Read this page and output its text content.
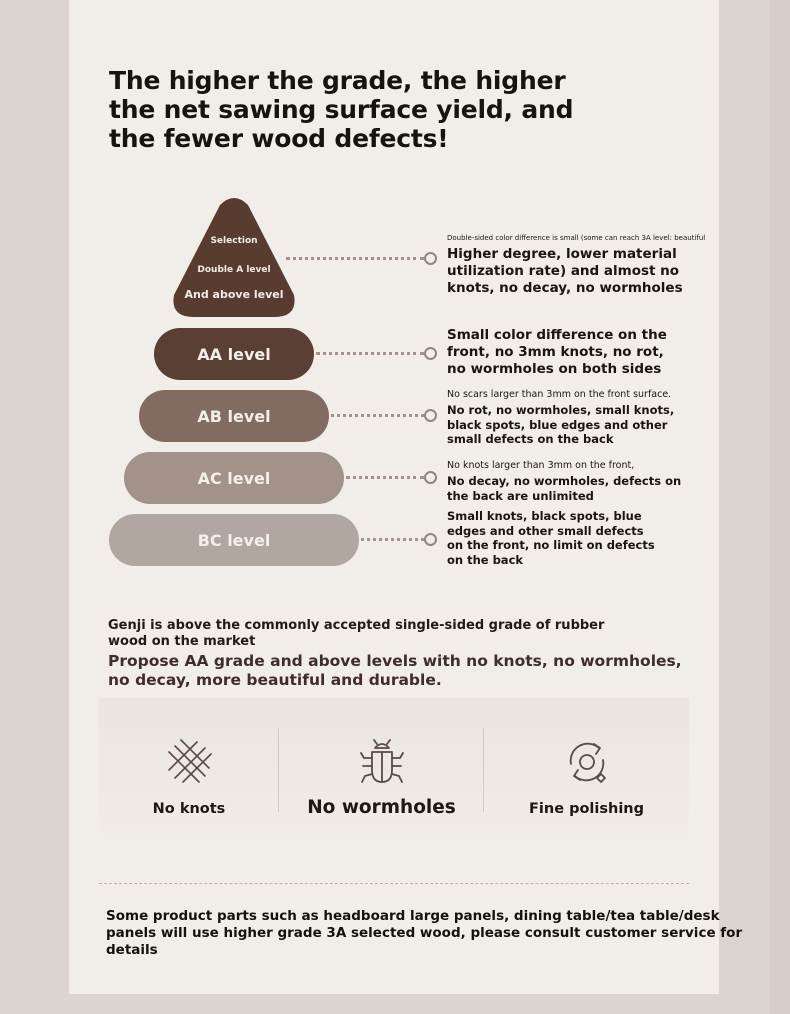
The higher the grade, the higher the net sawing surface yield, and the fewer wood defects!
Selection
Double A level
And above level
Double-sided color difference is small (some can reach 3A level: beautiful
Higher degree, lower material utilization rate) and almost no knots, no decay, no wormholes
AA level
Small color difference on the front, no 3mm knots, no rot, no wormholes on both sides
AB level
No scars larger than 3mm on the front surface.
No rot, no wormholes, small knots, black spots, blue edges and other small defects on the back
AC level
No knots larger than 3mm on the front,
No decay, no wormholes, defects on the back are unlimited
BC level
Small knots, black spots, blue edges and other small defects on the front, no limit on defects on the back
Genji is above the commonly accepted single-sided grade of rubber wood on the market
Propose AA grade and above levels with no knots, no wormholes, no decay, more beautiful and durable.
No knots	No wormholes	Fine polishing
Some product parts such as headboard large panels, dining table/tea table/desk panels will use higher grade 3A selected wood, please consult customer service for details
